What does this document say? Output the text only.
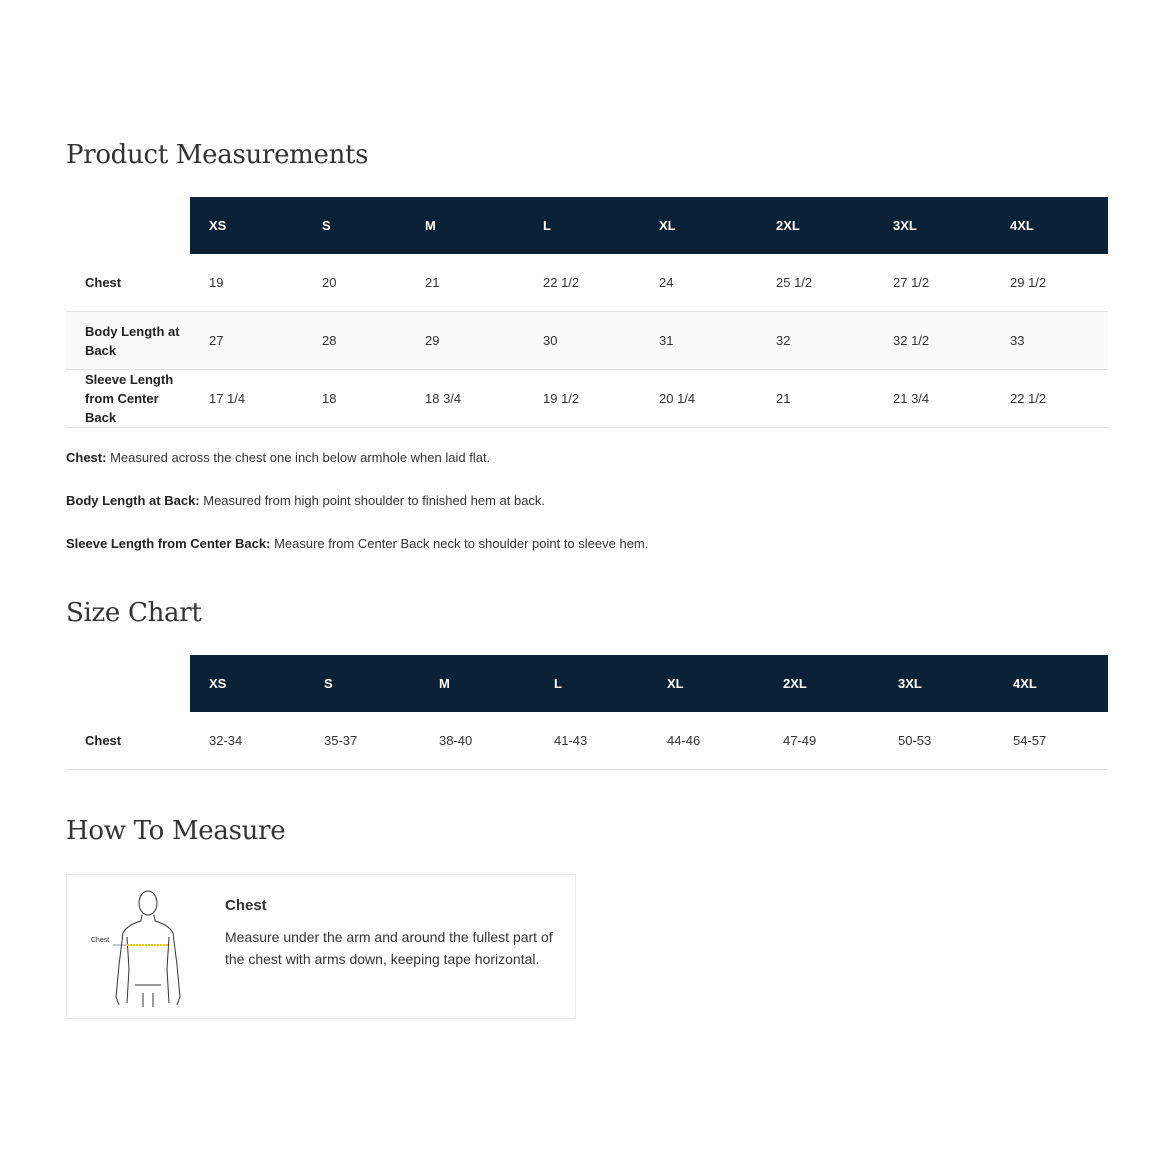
Product Measurements
	XS	S	M	L	XL	2XL	3XL	4XL
Chest	19	20	21	22 1/2	24	25 1/2	27 1/2	29 1/2
Body Length at Back	27	28	29	30	31	32	32 1/2	33
Sleeve Length from Center Back	17 1/4	18	18 3/4	19 1/2	20 1/4	21	21 3/4	22 1/2

Chest: Measured across the chest one inch below armhole when laid flat.

Body Length at Back: Measured from high point shoulder to finished hem at back.

Sleeve Length from Center Back: Measure from Center Back neck to shoulder point to sleeve hem.

Size Chart
	XS	S	M	L	XL	2XL	3XL	4XL
Chest	32-34	35-37	38-40	41-43	44-46	47-49	50-53	54-57
How To Measure
Chest

Chest

Measure under the arm and around the fullest part of the chest with arms down, keeping tape horizontal.
